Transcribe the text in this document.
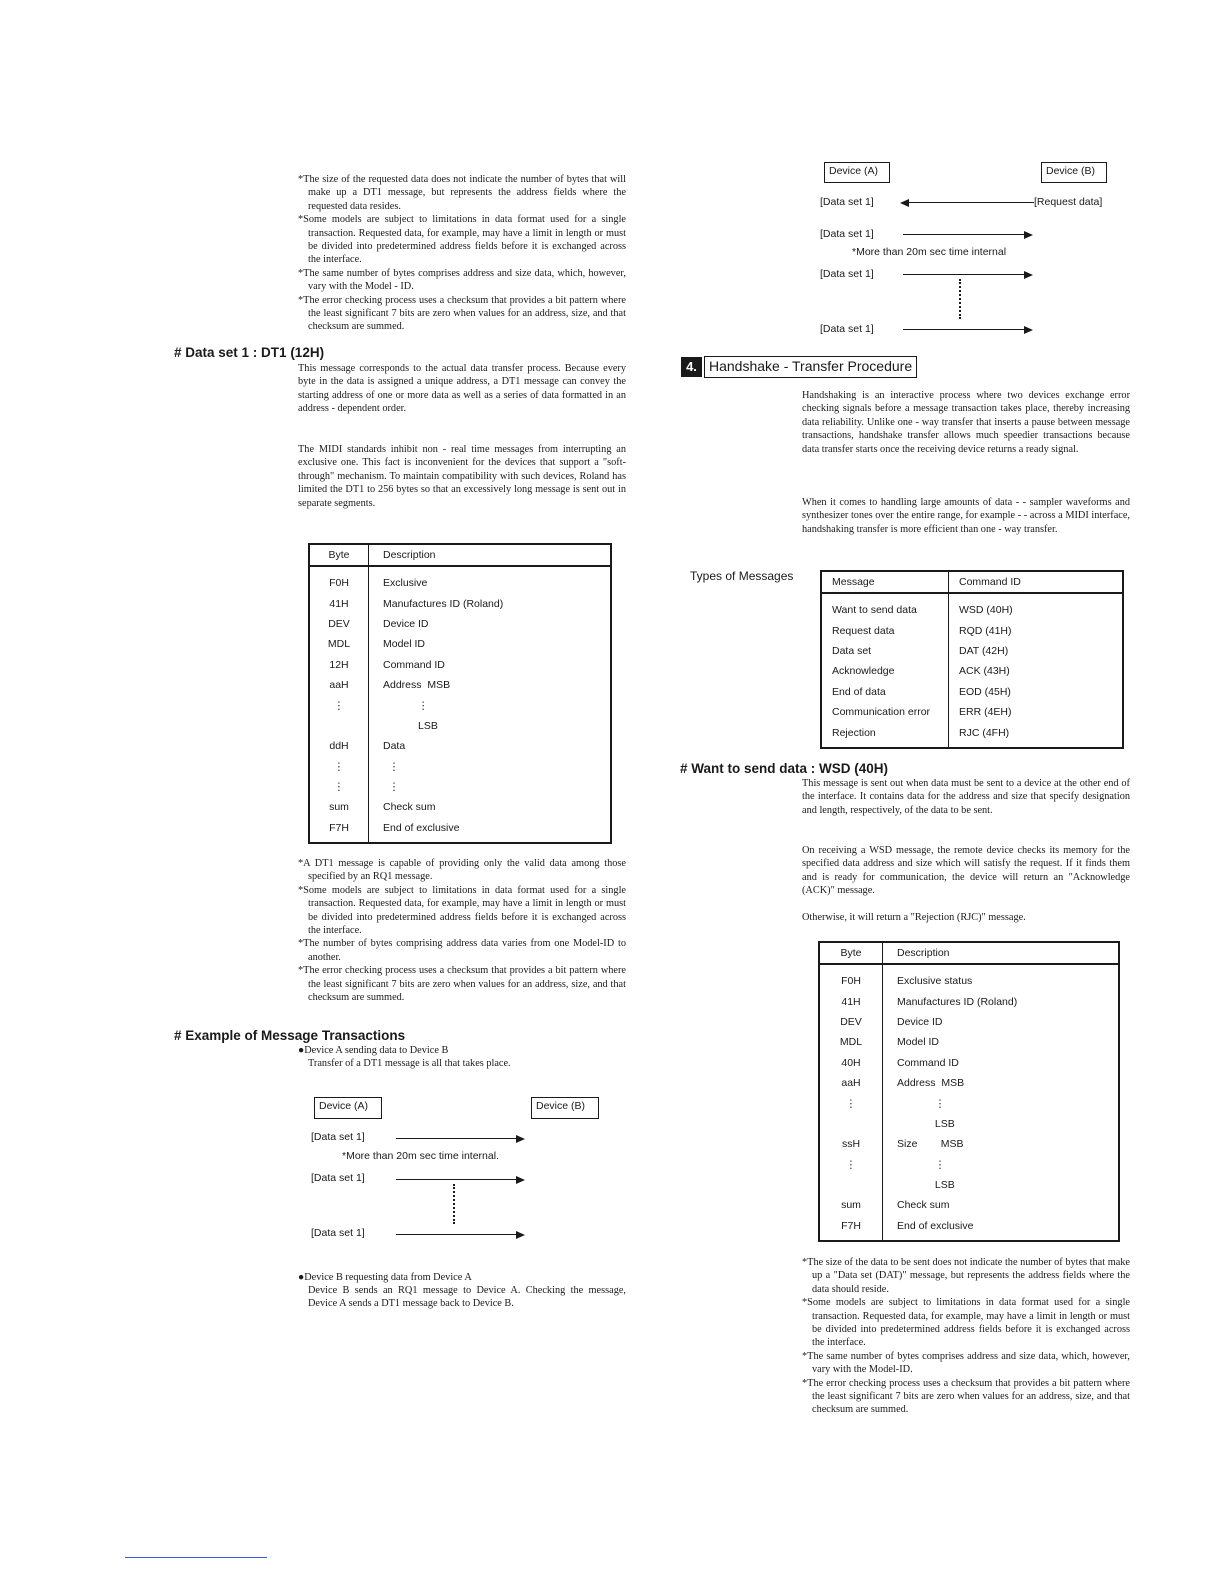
*The size of the requested data does not indicate the number of bytes that will make up a DT1 message, but represents the address fields where the requested data resides.

*Some models are subject to limitations in data format used for a single transaction. Requested data, for example, may have a limit in length or must be divided into predetermined address fields before it is exchanged across the interface.

*The same number of bytes comprises address and size data, which, however, vary with the Model - ID.

*The error checking process uses a checksum that provides a bit pattern where the least significant 7 bits are zero when values for an address, size, and that checksum are summed.

# Data set 1 : DT1 (12H)

This message corresponds to the actual data transfer process. Because every byte in the data is assigned a unique address, a DT1 message can convey the starting address of one or more data as well as a series of data formatted in an address - dependent order.

The MIDI standards inhibit non - real time messages from interrupting an exclusive one. This fact is inconvenient for the devices that support a "soft-through" mechanism. To maintain compatibility with such devices, Roland has limited the DT1 to 256 bytes so that an excessively long message is sent out in separate segments.

Byte	Description
F0H	Exclusive
41H	Manufactures ID (Roland)
DEV	Device ID
MDL	Model ID
12H	Command ID
aaH	Address  MSB
⋮	⋮
	LSB
ddH	Data
⋮	⋮
⋮	⋮
sum	Check sum
F7H	End of exclusive

*A DT1 message is capable of providing only the valid data among those specified by an RQ1 message.

*Some models are subject to limitations in data format used for a single transaction. Requested data, for example, may have a limit in length or must be divided into predetermined address fields before it is exchanged across the interface.

*The number of bytes comprising address data varies from one Model-ID to another.

*The error checking process uses a checksum that provides a bit pattern where the least significant 7 bits are zero when values for an address, size, and that checksum are summed.

# Example of Message Transactions
●Device A sending data to Device B
Transfer of a DT1 message is all that takes place.
Device (A)	Device (B)
[Data set 1]
*More than 20m sec time internal.
[Data set 1]
[Data set 1]
●Device B requesting data from Device A
Device B sends an RQ1 message to Device A. Checking the message, Device A sends a DT1 message back to Device B.
Device (A)	Device (B)
[Data set 1]	[Request data]
[Data set 1]
*More than 20m sec time internal
[Data set 1]
[Data set 1]
4. Handshake - Transfer Procedure

Handshaking is an interactive process where two devices exchange error checking signals before a message transaction takes place, thereby increasing data reliability. Unlike one - way transfer that inserts a pause between message transactions, handshake transfer allows much speedier transactions because data transfer starts once the receiving device returns a ready signal.

When it comes to handling large amounts of data - - sampler waveforms and synthesizer tones over the entire range, for example - - across a MIDI interface, handshaking transfer is more efficient than one - way transfer.

Types of Messages	Message	Command ID
Want to send data	WSD (40H)
Request data	RQD (41H)
Data set	DAT (42H)
Acknowledge	ACK (43H)
End of data	EOD (45H)
Communication error	ERR (4EH)
Rejection	RJC (4FH)
# Want to send data : WSD (40H)

This message is sent out when data must be sent to a device at the other end of the interface. It contains data for the address and size that specify designation and length, respectively, of the data to be sent.

On receiving a WSD message, the remote device checks its memory for the specified data address and size which will satisfy the request. If it finds them and is ready for communication, the device will return an "Acknowledge (ACK)" message.

Otherwise, it will return a "Rejection (RJC)" message.

Byte	Description
F0H	Exclusive status
41H	Manufactures ID (Roland)
DEV	Device ID
MDL	Model ID
40H	Command ID
aaH	Address  MSB
⋮	⋮
	LSB
ssH	Size        MSB
⋮	⋮
	LSB
sum	Check sum
F7H	End of exclusive

*The size of the data to be sent does not indicate the number of bytes that make up a "Data set (DAT)" message, but represents the address fields where the data should reside.

*Some models are subject to limitations in data format used for a single transaction. Requested data, for example, may have a limit in length or must be divided into predetermined address fields before it is exchanged across the interface.

*The same number of bytes comprises address and size data, which, however, vary with the Model-ID.

*The error checking process uses a checksum that provides a bit pattern where the least significant 7 bits are zero when values for an address, size, and that checksum are summed.
